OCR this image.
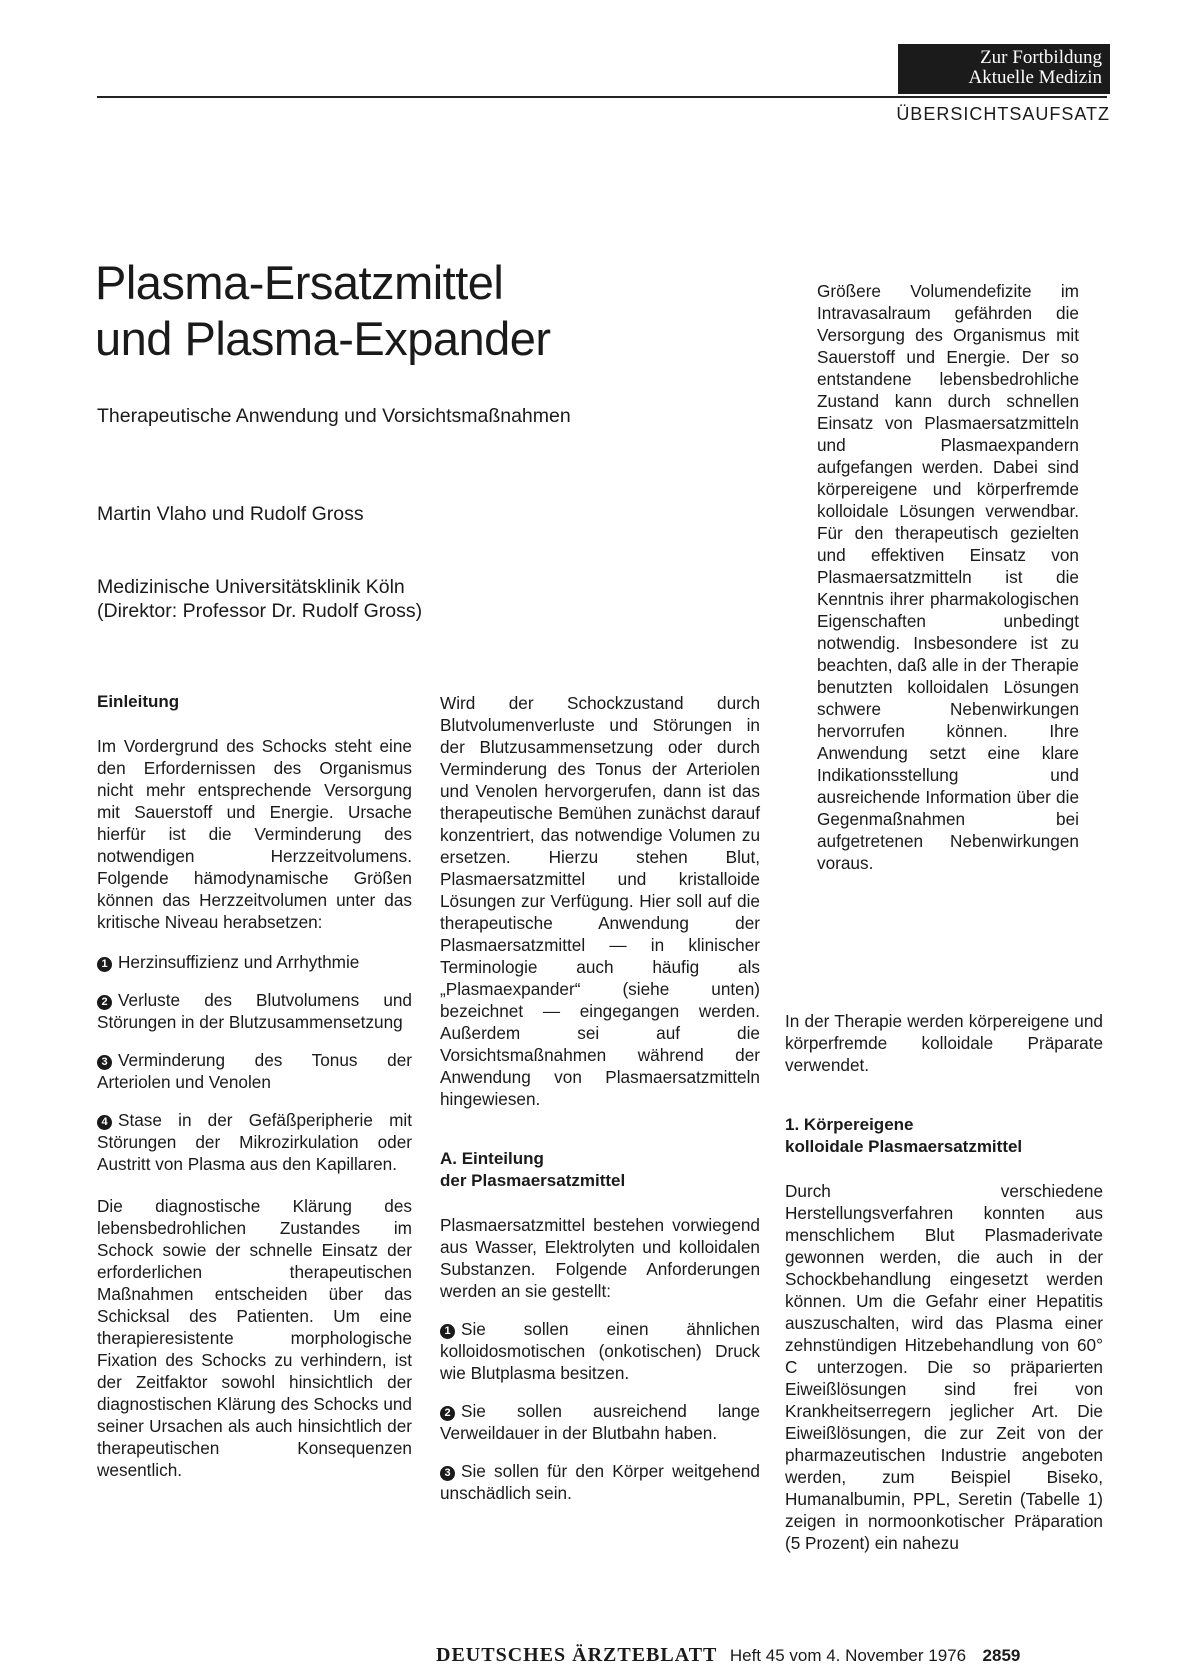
Zur Fortbildung
Aktuelle Medizin
ÜBERSICHTSAUFSATZ
Plasma-Ersatzmittel
und Plasma-Expander
Therapeutische Anwendung und Vorsichtsmaßnahmen
Martin Vlaho und Rudolf Gross
Medizinische Universitätsklinik Köln
(Direktor: Professor Dr. Rudolf Gross)
Einleitung

Im Vordergrund des Schocks steht eine den Erfordernissen des Organismus nicht mehr entsprechende Versorgung mit Sauerstoff und Energie. Ursache hierfür ist die Verminderung des notwendigen Herzzeitvolumens. Folgende hämodynamische Größen können das Herzzeitvolumen unter das kritische Niveau herabsetzen:

1 Herzinsuffizienz und Arrhythmie

2 Verluste des Blutvolumens und Störungen in der Blutzusammensetzung

3 Verminderung des Tonus der Arteriolen und Venolen

4 Stase in der Gefäßperipherie mit Störungen der Mikrozirkulation oder Austritt von Plasma aus den Kapillaren.

Die diagnostische Klärung des lebensbedrohlichen Zustandes im Schock sowie der schnelle Einsatz der erforderlichen therapeutischen Maßnahmen entscheiden über das Schicksal des Patienten. Um eine therapieresistente morphologische Fixation des Schocks zu verhindern, ist der Zeitfaktor sowohl hinsichtlich der diagnostischen Klärung des Schocks und seiner Ursachen als auch hinsichtlich der therapeutischen Konsequenzen wesentlich.

Wird der Schockzustand durch Blutvolumenverluste und Störungen in der Blutzusammensetzung oder durch Verminderung des Tonus der Arteriolen und Venolen hervorgerufen, dann ist das therapeutische Bemühen zunächst darauf konzentriert, das notwendige Volumen zu ersetzen. Hierzu stehen Blut, Plasmaersatzmittel und kristalloide Lösungen zur Verfügung. Hier soll auf die therapeutische Anwendung der Plasmaersatzmittel — in klinischer Terminologie auch häufig als „Plasmaexpander“ (siehe unten) bezeichnet — eingegangen werden. Außerdem sei auf die Vorsichtsmaßnahmen während der Anwendung von Plasmaersatzmitteln hingewiesen.

A. Einteilung
der Plasmaersatzmittel

Plasmaersatzmittel bestehen vorwiegend aus Wasser, Elektrolyten und kolloidalen Substanzen. Folgende Anforderungen werden an sie gestellt:

1 Sie sollen einen ähnlichen kolloidosmotischen (onkotischen) Druck wie Blutplasma besitzen.

2 Sie sollen ausreichend lange Verweildauer in der Blutbahn haben.

3 Sie sollen für den Körper weitgehend unschädlich sein.

Größere Volumendefizite im Intravasalraum gefährden die Versorgung des Organismus mit Sauerstoff und Energie. Der so entstandene lebensbedrohliche Zustand kann durch schnellen Einsatz von Plasmaersatzmitteln und Plasmaexpandern aufgefangen werden. Dabei sind körpereigene und körperfremde kolloidale Lösungen verwendbar. Für den therapeutisch gezielten und effektiven Einsatz von Plasmaersatzmitteln ist die Kenntnis ihrer pharmakologischen Eigenschaften unbedingt notwendig. Insbesondere ist zu beachten, daß alle in der Therapie benutzten kolloidalen Lösungen schwere Nebenwirkungen hervorrufen können. Ihre Anwendung setzt eine klare Indikationsstellung und ausreichende Information über die Gegenmaßnahmen bei aufgetretenen Nebenwirkungen voraus.

In der Therapie werden körpereigene und körperfremde kolloidale Präparate verwendet.

1. Körpereigene
kolloidale Plasmaersatzmittel

Durch verschiedene Herstellungsverfahren konnten aus menschlichem Blut Plasmaderivate gewonnen werden, die auch in der Schockbehandlung eingesetzt werden können. Um die Gefahr einer Hepatitis auszuschalten, wird das Plasma einer zehnstündigen Hitzebehandlung von 60° C unterzogen. Die so präparierten Eiweißlösungen sind frei von Krankheitserregern jeglicher Art. Die Eiweißlösungen, die zur Zeit von der pharmazeutischen Industrie angeboten werden, zum Beispiel Biseko, Humanalbumin, PPL, Seretin (Tabelle 1) zeigen in normoonkotischer Präparation (5 Prozent) ein nahezu

DEUTSCHES ÄRZTEBLATT Heft 45 vom 4. November 1976 2859
